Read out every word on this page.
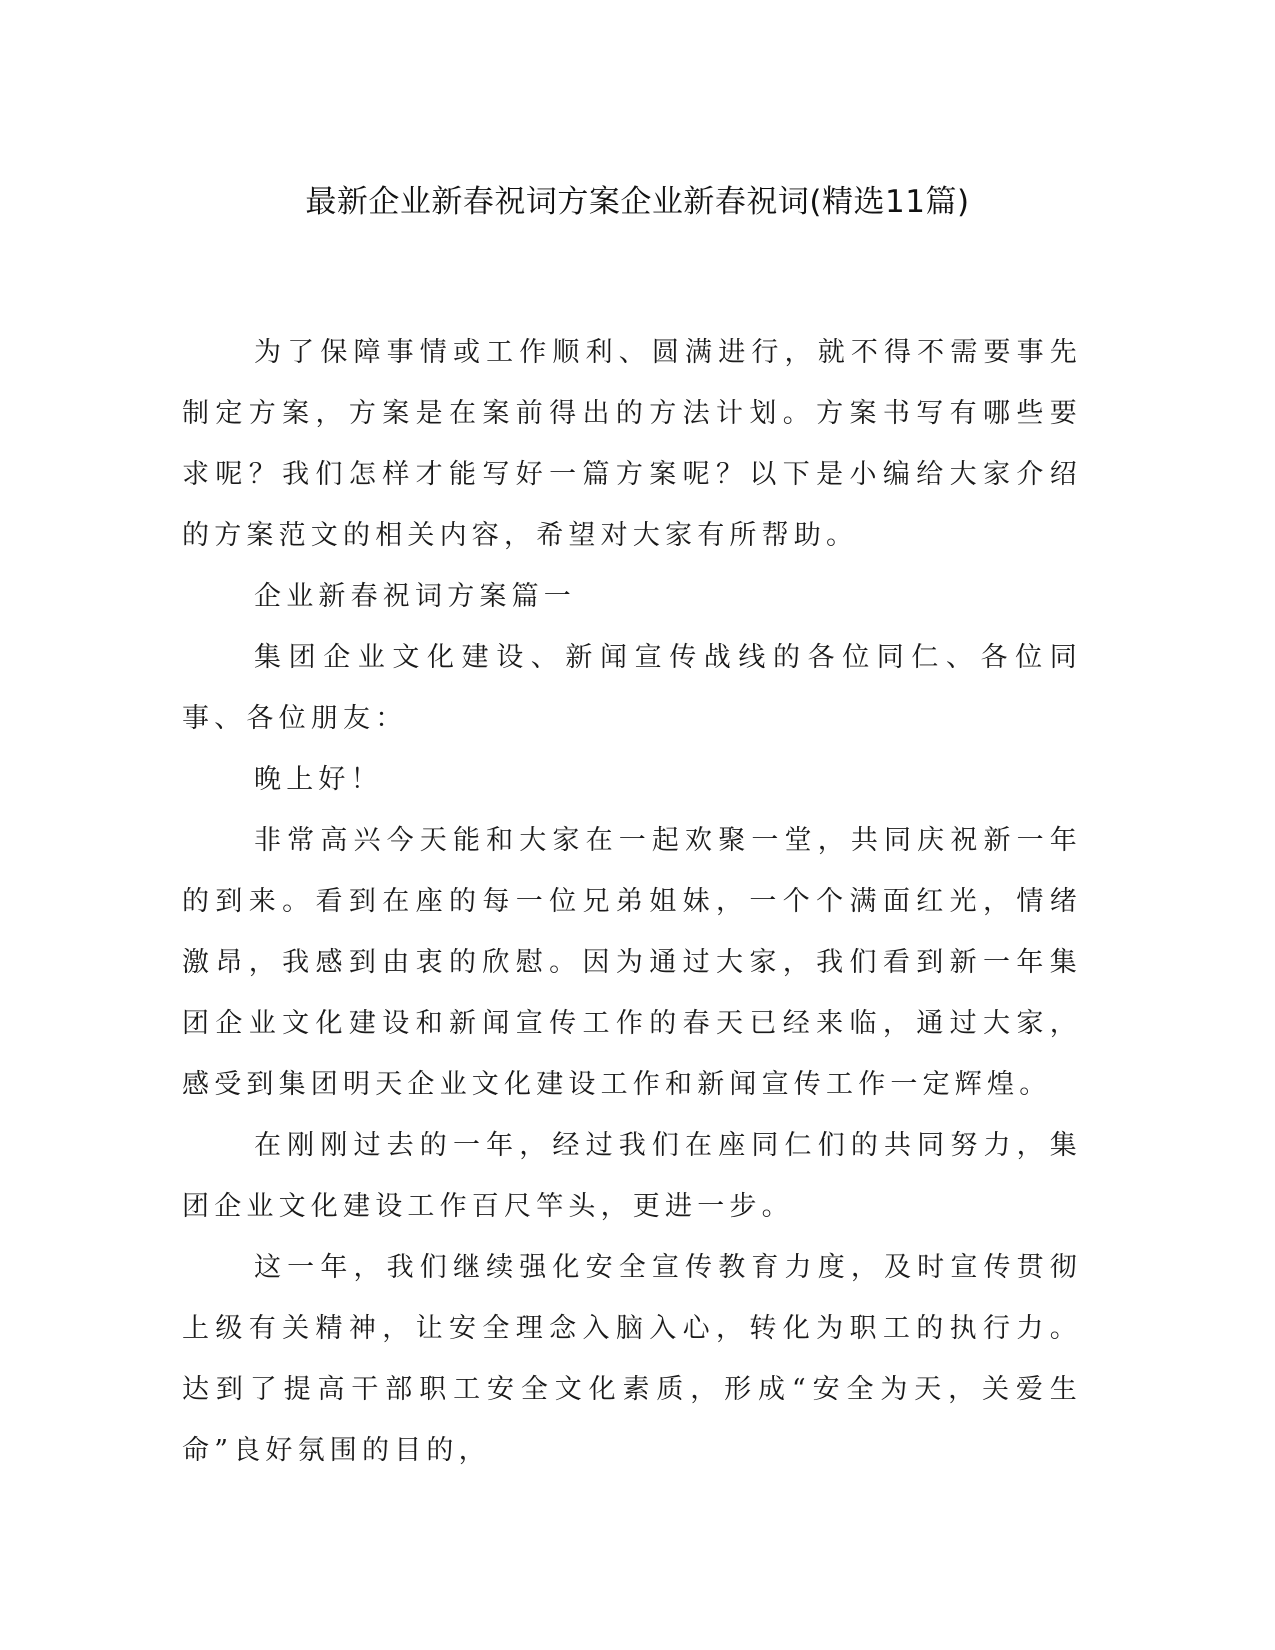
最新企业新春祝词方案企业新春祝词(精选11篇)

为了保障事情或工作顺利、圆满进行，就不得不需要事先制定方案，方案是在案前得出的方法计划。方案书写有哪些要求呢？我们怎样才能写好一篇方案呢？以下是小编给大家介绍的方案范文的相关内容，希望对大家有所帮助。

企业新春祝词方案篇一

集团企业文化建设、新闻宣传战线的各位同仁、各位同事、各位朋友：

晚上好！

非常高兴今天能和大家在一起欢聚一堂，共同庆祝新一年的到来。看到在座的每一位兄弟姐妹，一个个满面红光，情绪激昂，我感到由衷的欣慰。因为通过大家，我们看到新一年集团企业文化建设和新闻宣传工作的春天已经来临，通过大家，感受到集团明天企业文化建设工作和新闻宣传工作一定辉煌。

在刚刚过去的一年，经过我们在座同仁们的共同努力，集团企业文化建设工作百尺竿头，更进一步。

这一年，我们继续强化安全宣传教育力度，及时宣传贯彻上级有关精神，让安全理念入脑入心，转化为职工的执行力。达到了提高干部职工安全文化素质，形成“安全为天，关爱生命”良好氛围的目的，
